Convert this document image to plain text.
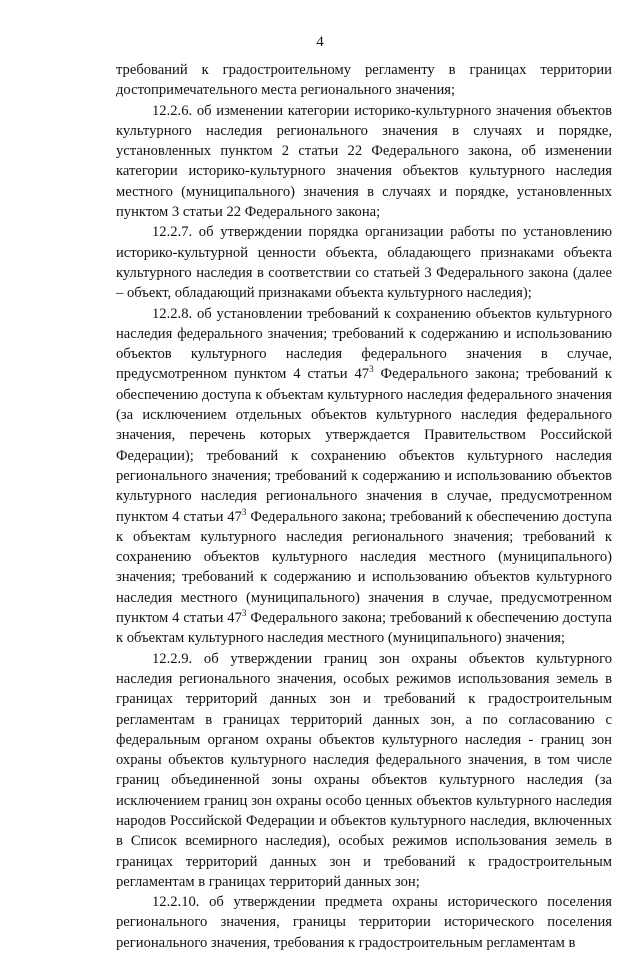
4

требований к градостроительному регламенту в границах территории достопримечательного места регионального значения;

12.2.6. об изменении категории историко-культурного значения объектов культурного наследия регионального значения в случаях и порядке, установленных пунктом 2 статьи 22 Федерального закона, об изменении категории историко-культурного значения объектов культурного наследия местного (муниципального) значения в случаях и порядке, установленных пунктом 3 статьи 22 Федерального закона;

12.2.7. об утверждении порядка организации работы по установлению историко-культурной ценности объекта, обладающего признаками объекта культурного наследия в соответствии со статьей 3 Федерального закона (далее – объект, обладающий признаками объекта культурного наследия);

12.2.8. об установлении требований к сохранению объектов культурного наследия федерального значения; требований к содержанию и использованию объектов культурного наследия федерального значения в случае, предусмотренном пунктом 4 статьи $47^3$ Федерального закона; требований к обеспечению доступа к объектам культурного наследия федерального значения (за исключением отдельных объектов культурного наследия федерального значения, перечень которых утверждается Правительством Российской Федерации); требований к сохранению объектов культурного наследия регионального значения; требований к содержанию и использованию объектов культурного наследия регионального значения в случае, предусмотренном пунктом 4 статьи $47^3$ Федерального закона; требований к обеспечению доступа к объектам культурного наследия регионального значения; требований к сохранению объектов культурного наследия местного (муниципального) значения; требований к содержанию и использованию объектов культурного наследия местного (муниципального) значения в случае, предусмотренном пунктом 4 статьи $47^3$ Федерального закона; требований к обеспечению доступа к объектам культурного наследия местного (муниципального) значения;

12.2.9. об утверждении границ зон охраны объектов культурного наследия регионального значения, особых режимов использования земель в границах территорий данных зон и требований к градостроительным регламентам в границах территорий данных зон, а по согласованию с федеральным органом охраны объектов культурного наследия - границ зон охраны объектов культурного наследия федерального значения, в том числе границ объединенной зоны охраны объектов культурного наследия (за исключением границ зон охраны особо ценных объектов культурного наследия народов Российской Федерации и объектов культурного наследия, включенных в Список всемирного наследия), особых режимов использования земель в границах территорий данных зон и требований к градостроительным регламентам в границах территорий данных зон;

12.2.10. об утверждении предмета охраны исторического поселения регионального значения, границы территории исторического поселения регионального значения, требования к градостроительным регламентам в
